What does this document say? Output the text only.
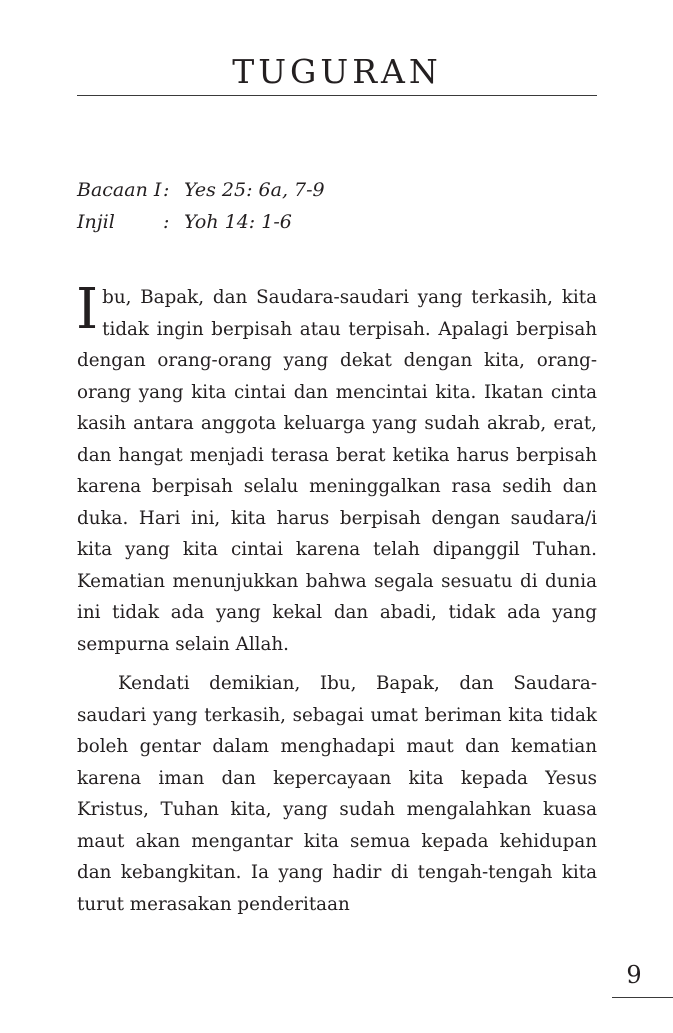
TUGURAN
Bacaan I : Yes 25: 6a, 7-9
Injil	: Yoh 14: 1-6

Ibu, Bapak, dan Saudara-saudari yang terkasih, kita tidak ingin berpisah atau terpisah. Apalagi berpisah dengan orang-orang yang dekat dengan kita, orang-orang yang kita cintai dan mencintai kita. Ikatan cinta kasih antara anggota keluarga yang sudah akrab, erat, dan hangat menjadi terasa berat ketika harus berpisah karena berpisah selalu meninggalkan rasa sedih dan duka. Hari ini, kita harus berpisah dengan saudara/i kita yang kita cintai karena telah dipanggil Tuhan. Kematian menunjukkan bahwa segala sesuatu di dunia ini tidak ada yang kekal dan abadi, tidak ada yang sempurna selain Allah.

Kendati demikian, Ibu, Bapak, dan Saudara-saudari yang terkasih, sebagai umat beriman kita tidak boleh gentar dalam menghadapi maut dan kematian karena iman dan kepercayaan kita kepada Yesus Kristus, Tuhan kita, yang sudah mengalahkan kuasa maut akan mengantar kita semua kepada kehidupan dan kebangkitan. Ia yang hadir di tengah-tengah kita turut merasakan penderitaan

9
